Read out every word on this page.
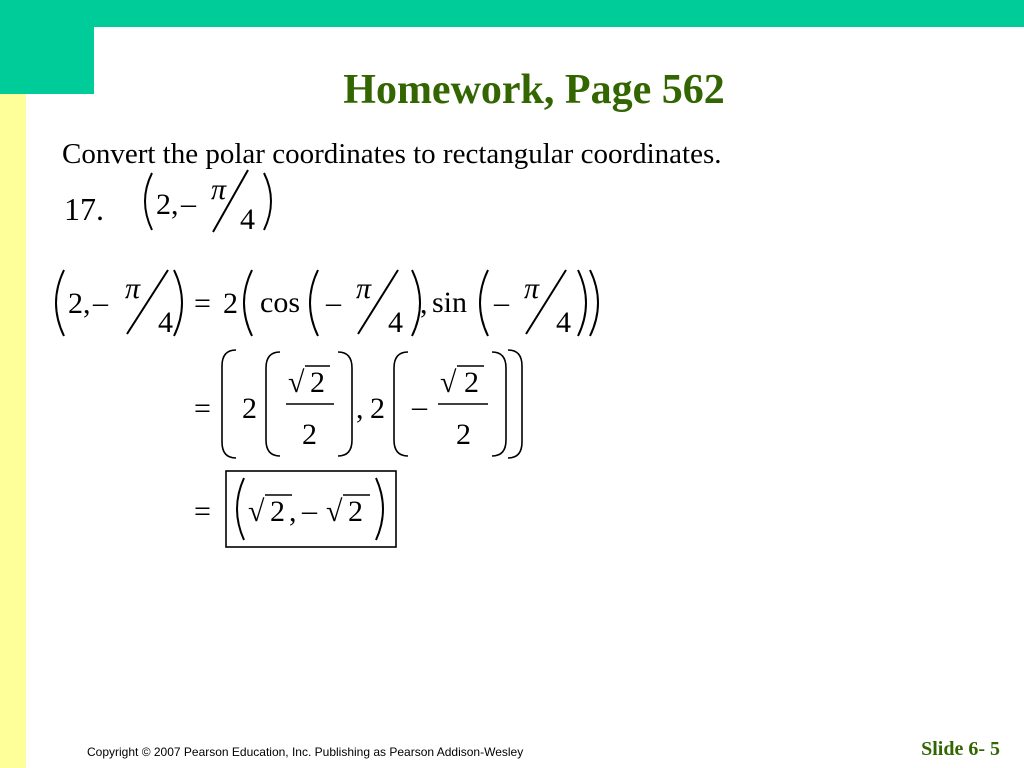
Homework, Page 562
Convert the polar coordinates to rectangular coordinates.
17. 2 , – π
4
2 , – π
4
= 2 cos – π
4
, sin – π
4
= 2
√ 2
2
, 2 –
√ 2
2
= √ 2 , – √ 2
Copyright © 2007 Pearson Education, Inc. Publishing as Pearson Addison-Wesley	Slide 6- 5
